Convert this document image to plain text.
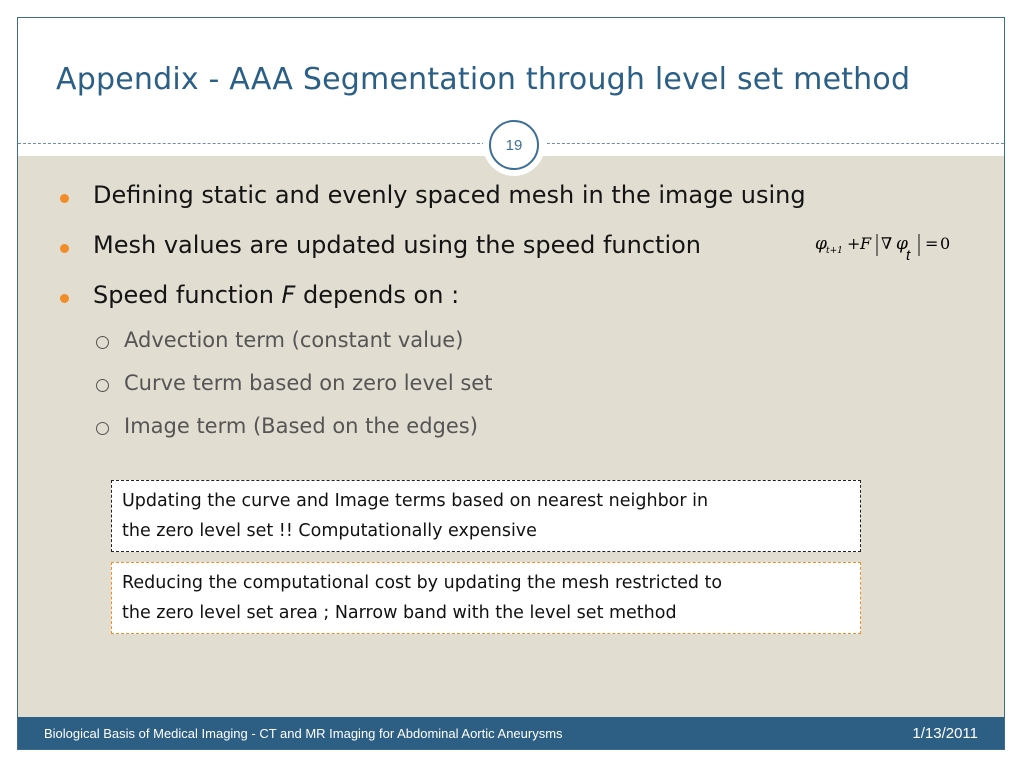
Appendix - AAA Segmentation through level set method
19
Defining static and evenly spaced mesh in the image using
Mesh values are updated using the speed function
Speed function F depends on :
φ t+1 + F ∇ φ
t
= 0
Advection term (constant value)
Curve term based on zero level set
Image term (Based on the edges)
Updating the curve and Image terms based on nearest neighbor in
the zero level set !! Computationally expensive
Reducing the computational cost by updating the mesh restricted to
the zero level set area ; Narrow band with the level set method
Biological Basis of Medical Imaging - CT and MR Imaging for Abdominal Aortic Aneurysms	1/13/2011
